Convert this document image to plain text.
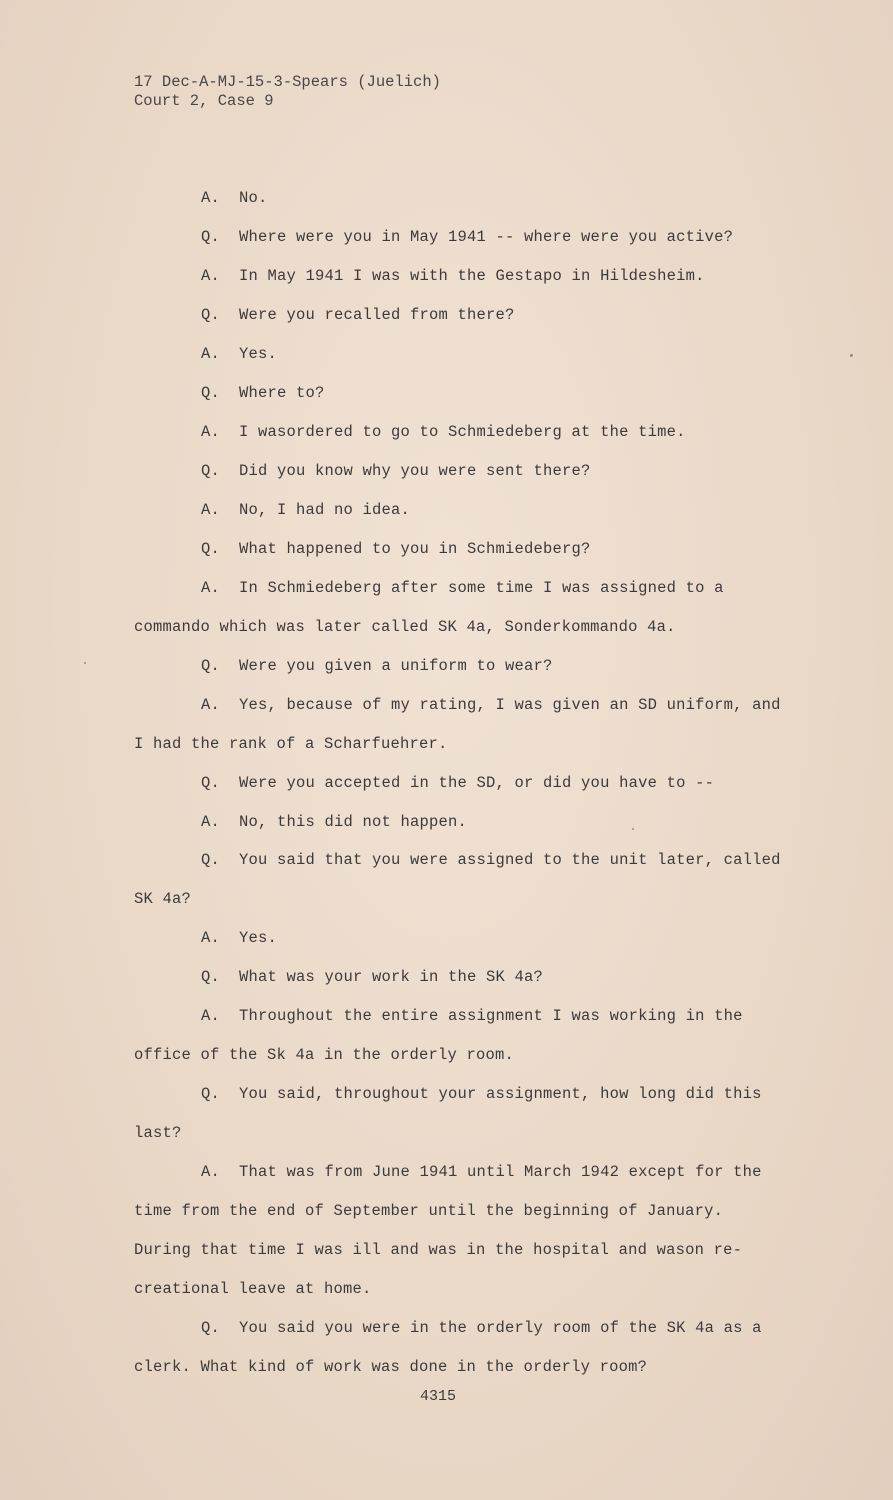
17 Dec-A-MJ-15-3-Spears (Juelich)
Court 2, Case 9
A.  No.
Q.  Where were you in May 1941 -- where were you active?
A.  In May 1941 I was with the Gestapo in Hildesheim.
Q.  Were you recalled from there?
A.  Yes.
Q.  Where to?
A.  I wasordered to go to Schmiedeberg at the time.
Q.  Did you know why you were sent there?
A.  No, I had no idea.
Q.  What happened to you in Schmiedeberg?
A.  In Schmiedeberg after some time I was assigned to a
commando which was later called SK 4a, Sonderkommando 4a.
Q.  Were you given a uniform to wear?
A.  Yes, because of my rating, I was given an SD uniform, and
I had the rank of a Scharfuehrer.
Q.  Were you accepted in the SD, or did you have to --
A.  No, this did not happen.
Q.  You said that you were assigned to the unit later, called
SK 4a?
A.  Yes.
Q.  What was your work in the SK 4a?
A.  Throughout the entire assignment I was working in the
office of the Sk 4a in the orderly room.
Q.  You said, throughout your assignment, how long did this
last?
A.  That was from June 1941 until March 1942 except for the
time from the end of September until the beginning of January.
During that time I was ill and was in the hospital and wason re-
creational leave at home.
Q.  You said you were in the orderly room of the SK 4a as a
clerk. What kind of work was done in the orderly room?
4315
